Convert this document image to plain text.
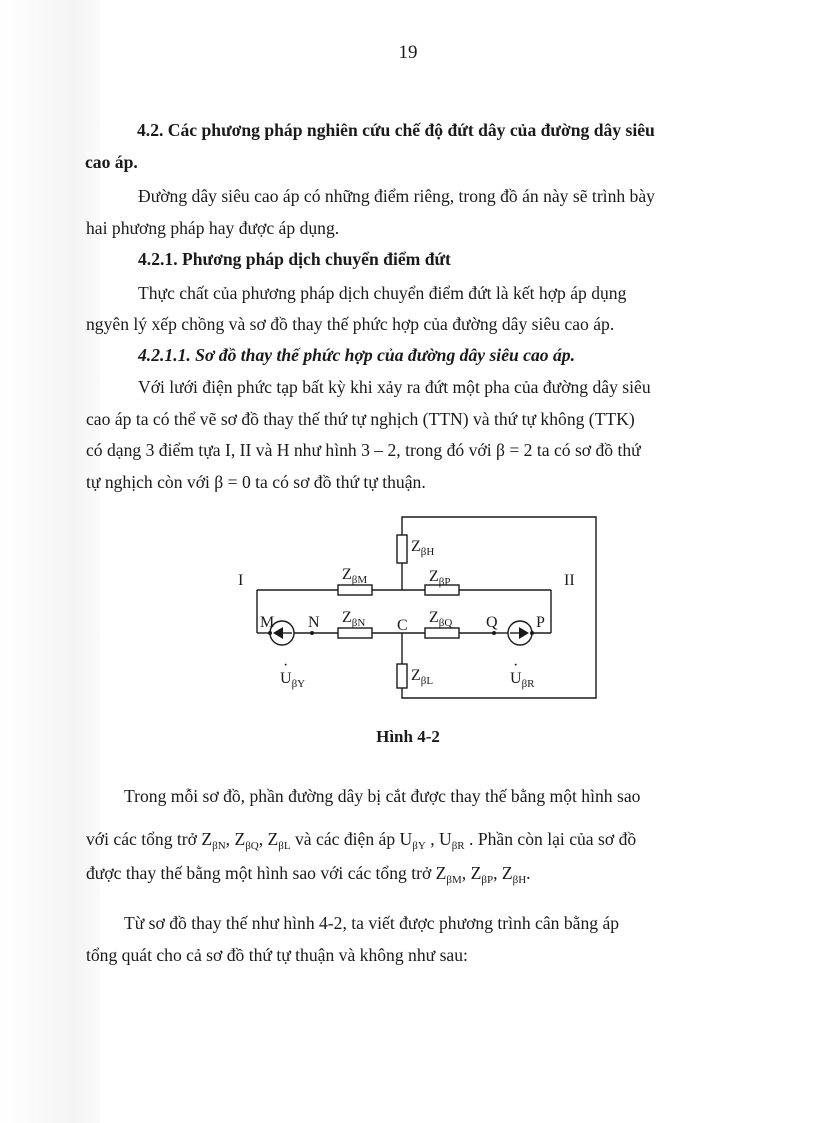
19
4.2. Các phương pháp nghiên cứu chế độ đứt dây của đường dây siêu
cao áp.
Đường dây siêu cao áp có những điểm riêng, trong đồ án này sẽ trình bày
hai phương pháp hay được áp dụng.
4.2.1. Phương pháp dịch chuyển điểm đứt
Thực chất của phương pháp dịch chuyển điểm đứt là kết hợp áp dụng
ngyên lý xếp chồng và sơ đồ thay thế phức hợp của đường dây siêu cao áp.
4.2.1.1. Sơ đồ thay thế phức hợp của đường dây siêu cao áp.
Với lưới điện phức tạp bất kỳ khi xảy ra đứt một pha của đường dây siêu
cao áp ta có thể vẽ sơ đồ thay thế thứ tự nghịch (TTN) và thứ tự không (TTK)
có dạng 3 điểm tựa I, II và H như hình 3 – 2, trong đó với β = 2 ta có sơ đồ thứ
tự nghịch còn với β = 0 ta có sơ đồ thứ tự thuận.
I	II
$Z_{\beta H}$
$Z_{\beta M}$	$Z_{\beta P}$
M N $Z_{\beta N}$ C $Z_{\beta Q}$ Q P
$Z_{\beta L}$
· $U_{\beta Y}$
·	$U_{\beta R}$
Hình 4-2
Trong mỗi sơ đồ, phần đường dây bị cắt được thay thế bằng một hình sao
với các tổng trở $Z_{\beta N}$, $Z_{\beta Q}$, $Z_{\beta L}$ và các điện áp $U_{\beta Y}$ , $U_{\beta R}$ . Phần còn lại của sơ đồ
được thay thế bằng một hình sao với các tổng trở $Z_{\beta M}$, $Z_{\beta P}$, $Z_{\beta H}$.
Từ sơ đồ thay thế như hình 4-2, ta viết được phương trình cân bằng áp
tổng quát cho cả sơ đồ thứ tự thuận và không như sau:
